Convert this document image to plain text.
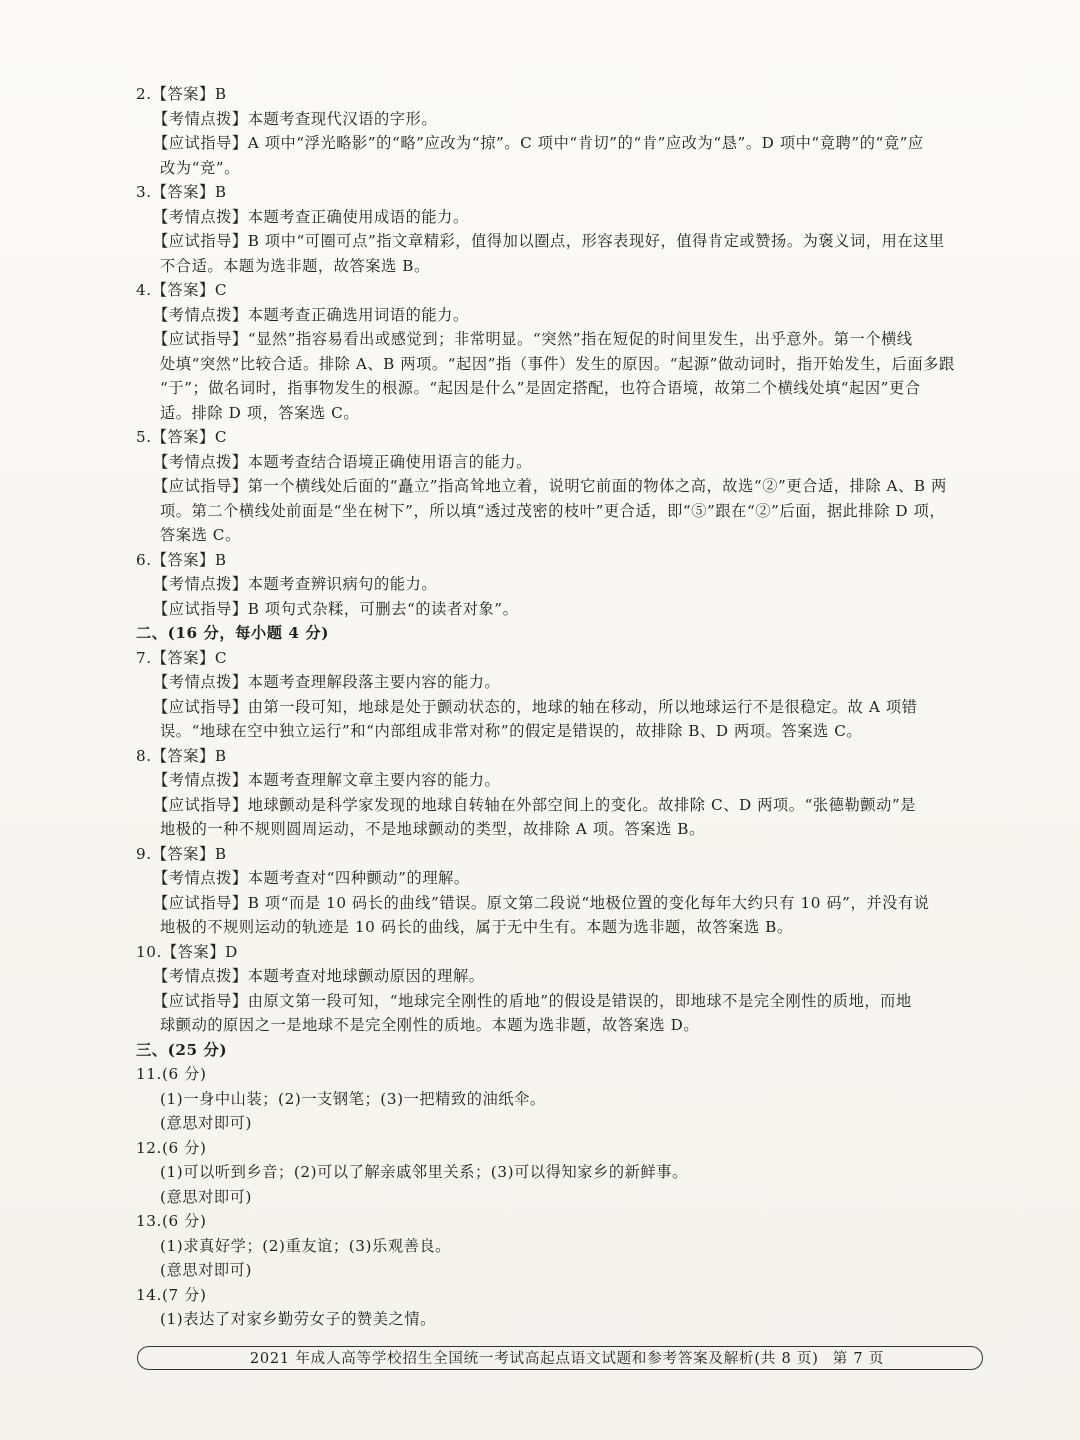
2.【答案】B
【考情点拨】本题考查现代汉语的字形。
【应试指导】A 项中“浮光略影”的“略”应改为“掠”。C 项中“肯切”的“肯”应改为“恳”。D 项中“竟聘”的“竟”应
改为“竞”。
3.【答案】B
【考情点拨】本题考查正确使用成语的能力。
【应试指导】B 项中“可圈可点”指文章精彩，值得加以圈点，形容表现好，值得肯定或赞扬。为褒义词，用在这里
不合适。本题为选非题，故答案选 B。
4.【答案】C
【考情点拨】本题考查正确选用词语的能力。
【应试指导】“显然”指容易看出或感觉到；非常明显。“突然”指在短促的时间里发生，出乎意外。第一个横线
处填“突然”比较合适。排除 A、B 两项。“起因”指（事件）发生的原因。“起源”做动词时，指开始发生，后面多跟
“于”；做名词时，指事物发生的根源。“起因是什么”是固定搭配，也符合语境，故第二个横线处填“起因”更合
适。排除 D 项，答案选 C。
5.【答案】C
【考情点拨】本题考查结合语境正确使用语言的能力。
【应试指导】第一个横线处后面的“矗立”指高耸地立着，说明它前面的物体之高，故选“②”更合适，排除 A、B 两
项。第二个横线处前面是“坐在树下”，所以填“透过茂密的枝叶”更合适，即“⑤”跟在“②”后面，据此排除 D 项，
答案选 C。
6.【答案】B
【考情点拨】本题考查辨识病句的能力。
【应试指导】B 项句式杂糅，可删去“的读者对象”。
二、(16 分，每小题 4 分)
7.【答案】C
【考情点拨】本题考查理解段落主要内容的能力。
【应试指导】由第一段可知，地球是处于颤动状态的，地球的轴在移动，所以地球运行不是很稳定。故 A 项错
误。“地球在空中独立运行”和“内部组成非常对称”的假定是错误的，故排除 B、D 两项。答案选 C。
8.【答案】B
【考情点拨】本题考查理解文章主要内容的能力。
【应试指导】地球颤动是科学家发现的地球自转轴在外部空间上的变化。故排除 C、D 两项。“张德勒颤动”是
地极的一种不规则圆周运动，不是地球颤动的类型，故排除 A 项。答案选 B。
9.【答案】B
【考情点拨】本题考查对“四种颤动”的理解。
【应试指导】B 项“而是 10 码长的曲线”错误。原文第二段说“地极位置的变化每年大约只有 10 码”，并没有说
地极的不规则运动的轨迹是 10 码长的曲线，属于无中生有。本题为选非题，故答案选 B。
10.【答案】D
【考情点拨】本题考查对地球颤动原因的理解。
【应试指导】由原文第一段可知，“地球完全刚性的盾地”的假设是错误的，即地球不是完全刚性的质地，而地
球颤动的原因之一是地球不是完全刚性的质地。本题为选非题，故答案选 D。
三、(25 分)
11.(6 分)
(1)一身中山装；(2)一支钢笔；(3)一把精致的油纸伞。
(意思对即可)
12.(6 分)
(1)可以听到乡音；(2)可以了解亲戚邻里关系；(3)可以得知家乡的新鲜事。
(意思对即可)
13.(6 分)
(1)求真好学；(2)重友谊；(3)乐观善良。
(意思对即可)
14.(7 分)
(1)表达了对家乡勤劳女子的赞美之情。
2021 年成人高等学校招生全国统一考试高起点语文试题和参考答案及解析(共 8 页) 第 7 页
